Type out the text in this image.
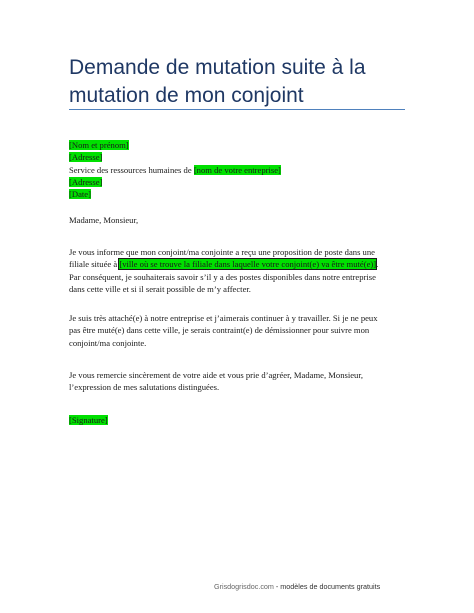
Demande de mutation suite à la
mutation de mon conjoint
[Nom et prénom]
[Adresse]
Service des ressources humaines de [nom de votre entreprise]
[Adresse]
[Date]
Madame, Monsieur,
Je vous informe que mon conjoint/ma conjointe a reçu une proposition de poste dans une
filiale située à [ville où se trouve la filiale dans laquelle votre conjoint(e) va être muté(e)].
Par conséquent, je souhaiterais savoir s’il y a des postes disponibles dans notre entreprise
dans cette ville et si il serait possible de m’y affecter.
Je suis très attaché(e) à notre entreprise et j’aimerais continuer à y travailler. Si je ne peux
pas être muté(e) dans cette ville, je serais contraint(e) de démissionner pour suivre mon
conjoint/ma conjointe.
Je vous remercie sincèrement de votre aide et vous prie d’agréer, Madame, Monsieur,
l’expression de mes salutations distinguées.
[Signature]
Grisdogrisdoc.com - modèles de documents gratuits
